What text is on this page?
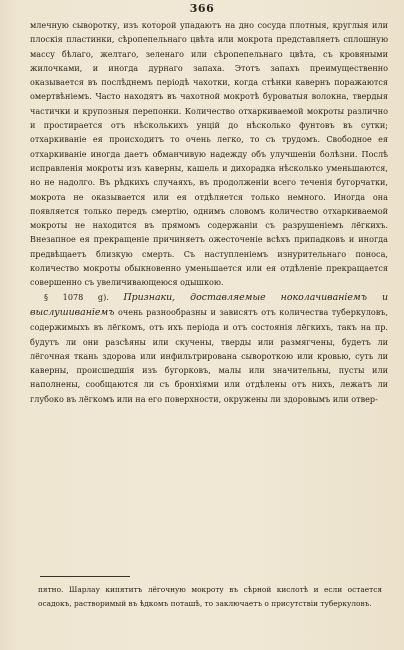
366

млечную сывоpотку, изъ которой упадаютъ на дно сосуда плотныя, круглыя или плоскія пластинки, сѣропепельнаго цвѣта или мокрота представляетъ сплошную массу бѣлаго, желтаго, зеленаго или сѣропепельнаго цвѣта, съ кровяными жилочками, и иногда дурнаго запаха. Этотъ запахъ преимущественно оказывается въ послѣднемъ періодѣ чахотки, когда стѣнки кавернъ поражаются омертвѣніемъ. Часто находятъ въ чахотной мокротѣ буроватыя волокна, твердыя частички и крупозныя перепонки. Количество отхаркиваемой мокроты различно и простирается отъ нѣсколькихъ унцій до нѣсколько фунтовъ въ сутки; отхаркиваніе ея происходитъ то очень легко, то съ трудомъ. Свободное ея отхаркиваніе иногда даетъ обманчивую надежду объ улучшеніи болѣзни. Послѣ исправленія мокроты изъ каверны, кашель и дихорадка нѣсколько уменьшаются, но не надолго. Въ рѣдкихъ случаяхъ, въ продолженіи всего теченія бугорчатки, мокрота не оказывается или ея отдѣляется только немного. Иногда она появляется только передъ смертію, однимъ словомъ количество отхаркиваемой мокроты не находится въ прямомъ содержаніи съ разрушеніемъ лёгкихъ. Внезапное ея прекращеніе причиняетъ ожесточеніе всѣхъ припадковъ и иногда предвѣщаетъ близкую смерть. Съ наступленіемъ изнурительнаго поноса, количество мокроты обыкновенно уменьшается или ея отдѣленіе прекращается совершенно съ увеличивающеюся одышкою.

§ 1078 g). Признаки, доставляемые ноколачиваніемъ и выслушиваніемъ очень разнообразны и зависятъ отъ количества туберкуловъ, содержимыхъ въ лёгкомъ, отъ ихъ періода и отъ состоянія лёгкихъ, такъ на пр. будутъ ли они разсѣяны или скучены, тверды или размягчены, будетъ ли лёгочная ткань здорова или инфильтрирована сывороткою или кровью, суть ли каверны, происшедшія изъ бугорковъ, малы или значительны, пусты или наполнены, сообщаются ли съ бронхіями или отдѣлены отъ нихъ, лежатъ ли глубоко въ лёгкомъ или на его поверхности, окружены ли здоровымъ или отвер-

пятно. Шарлау кипятитъ лёгочную мокроту въ сѣрной кислотѣ и если остается осадокъ, растворимый въ ѣдкомъ поташѣ, то заключаетъ о присутствіи туберкуловъ.
